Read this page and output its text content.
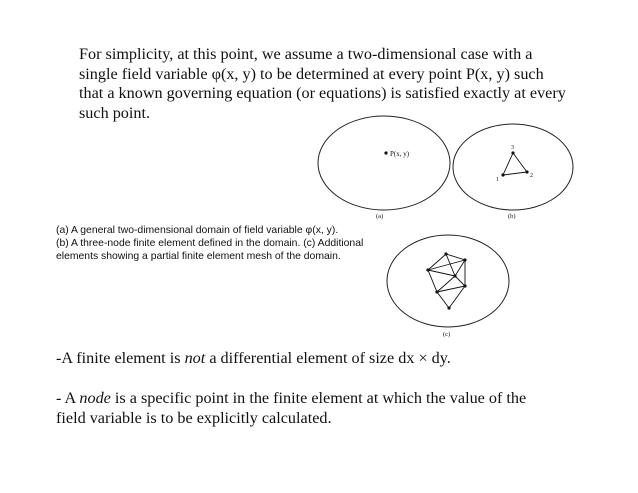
For simplicity, at this point, we assume a two-dimensional case with a

single field variable φ(x, y) to be determined at every point P(x, y) such

that a known governing equation (or equations) is satisfied exactly at every

such point.

(a) A general two-dimensional domain of field variable φ(x, y).
(b) A three-node finite element defined in the domain. (c) Additional
elements showing a partial finite element mesh of the domain.
P(x, y)
(a)
1
2
3
(b)
(c)

-A finite element is not a differential element of size dx × dy.

- A node is a specific point in the finite element at which the value of the

field variable is to be explicitly calculated.
